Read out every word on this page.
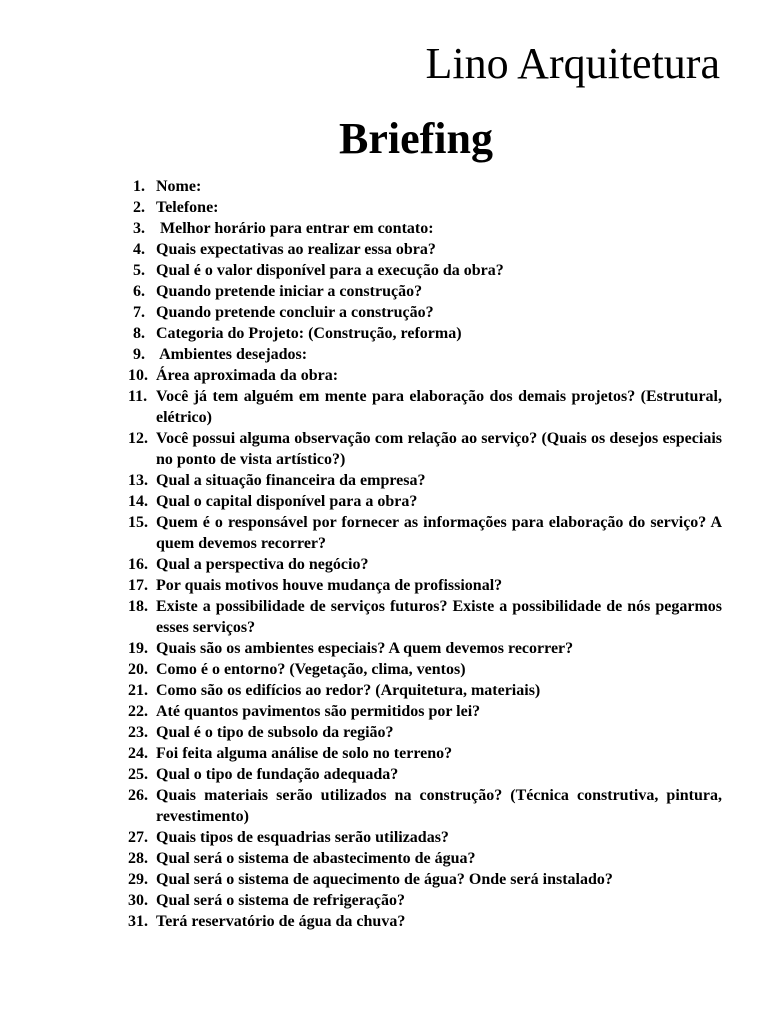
Lino Arquitetura
Briefing
1. Nome:
2. Telefone:
3. Melhor horário para entrar em contato:
4. Quais expectativas ao realizar essa obra?
5. Qual é o valor disponível para a execução da obra?
6. Quando pretende iniciar a construção?
7. Quando pretende concluir a construção?
8. Categoria do Projeto: (Construção, reforma)
9. Ambientes desejados:
10. Área aproximada da obra:
11. Você já tem alguém em mente para elaboração dos demais projetos? (Estrutural, elétrico)
12. Você possui alguma observação com relação ao serviço? (Quais os desejos especiais no ponto de vista artístico?)
13. Qual a situação financeira da empresa?
14. Qual o capital disponível para a obra?
15. Quem é o responsável por fornecer as informações para elaboração do serviço? A quem devemos recorrer?
16. Qual a perspectiva do negócio?
17. Por quais motivos houve mudança de profissional?
18. Existe a possibilidade de serviços futuros? Existe a possibilidade de nós pegarmos esses serviços?
19. Quais são os ambientes especiais? A quem devemos recorrer?
20. Como é o entorno? (Vegetação, clima, ventos)
21. Como são os edifícios ao redor? (Arquitetura, materiais)
22. Até quantos pavimentos são permitidos por lei?
23. Qual é o tipo de subsolo da região?
24. Foi feita alguma análise de solo no terreno?
25. Qual o tipo de fundação adequada?
26. Quais materiais serão utilizados na construção? (Técnica construtiva, pintura, revestimento)
27. Quais tipos de esquadrias serão utilizadas?
28. Qual será o sistema de abastecimento de água?
29. Qual será o sistema de aquecimento de água? Onde será instalado?
30. Qual será o sistema de refrigeração?
31. Terá reservatório de água da chuva?
